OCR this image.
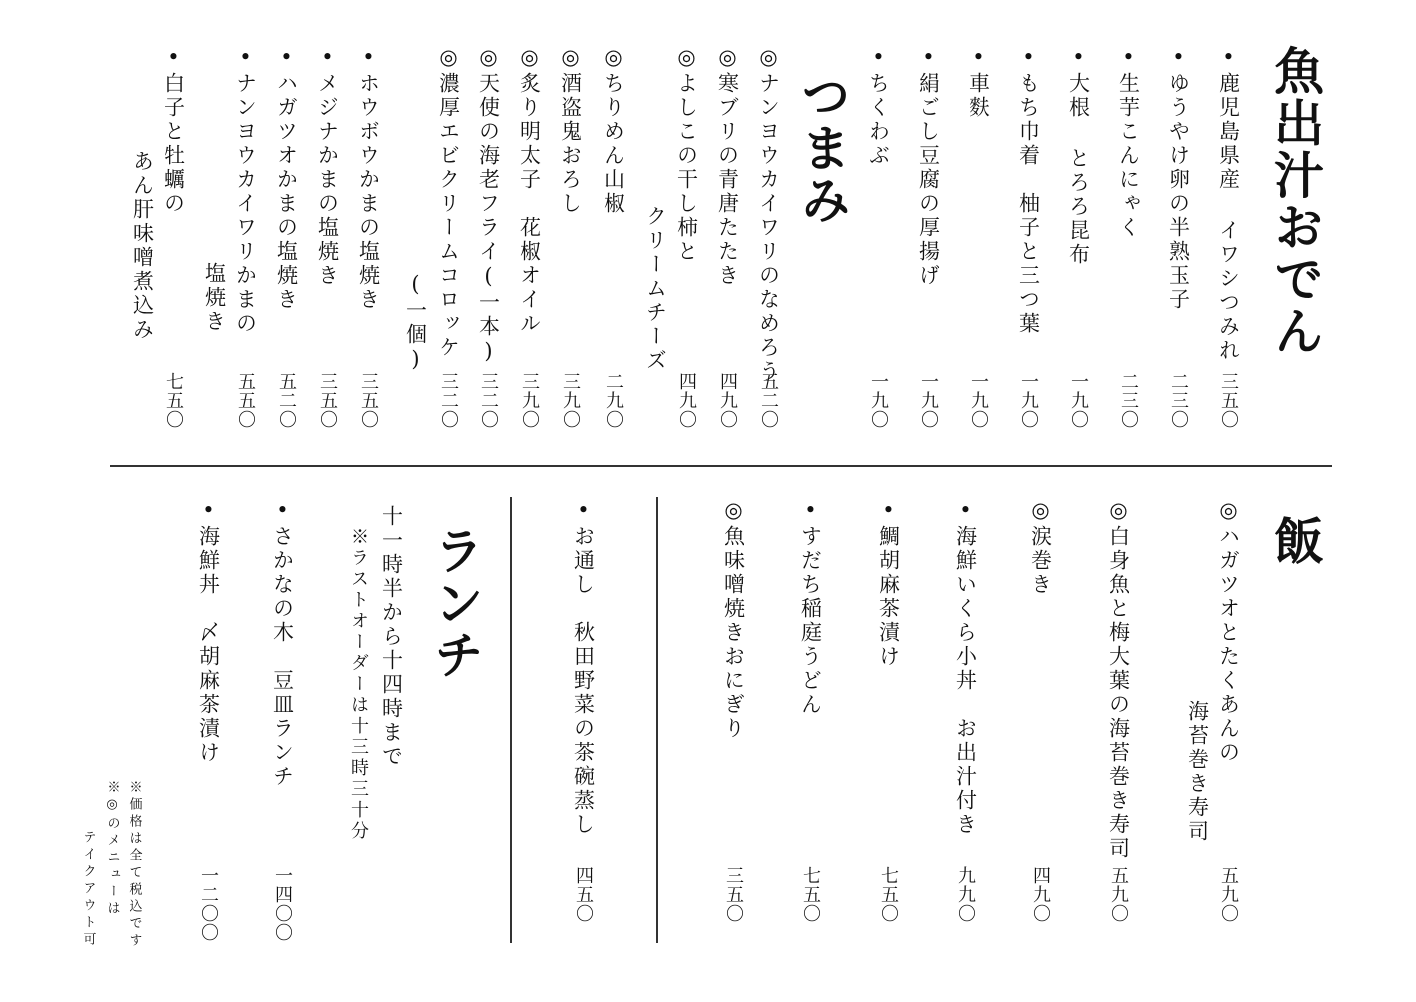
魚出汁おでん
•鹿児島県産 イワシつみれ
三五〇
•ゆうやけ卵の半熟玉子
二三〇
•生芋こんにゃく
二三〇
•大根 とろろ昆布
一九〇
•もち巾着　柚子と三つ葉
一九〇
•車麩
一九〇
•絹ごし豆腐の厚揚げ
一九〇
•ちくわぶ
一九〇
つまみ
◎ナンヨウカイワリのなめろう
五二〇
◎寒ブリの青唐たたき
四九〇
◎よしこの干し柿と
クリームチーズ
四九〇
◎ちりめん山椒
二九〇
◎酒盗鬼おろし
三九〇
◎炙り明太子　花椒オイル
三九〇
◎天使の海老フライ(一本)
三二〇
◎濃厚エビクリームコロッケ
(一個)
三二〇
•ホウボウかまの塩焼き
三五〇
•メジナかまの塩焼き
三五〇
•ハガツオかまの塩焼き
五二〇
•ナンヨウカイワリかまの
塩焼き
五五〇
•白子と牡蠣の
あん肝味噌煮込み
七五〇
飯
◎ハガツオとたくあんの
海苔巻き寿司
五九〇
◎白身魚と梅大葉の海苔巻き寿司
五九〇
◎涙巻き
四九〇
•海鮮いくら小丼　お出汁付き
九九〇
•鯛胡麻茶漬け
七五〇
•すだち稲庭うどん
七五〇
◎魚味噌焼きおにぎり
三五〇
•お通し　秋田野菜の茶碗蒸し
四五〇
ランチ
十一時半から十四時まで
※ラストオーダーは十三時三十分
•さかなの木　豆皿ランチ
一四〇〇
•海鮮丼　〆胡麻茶漬け
一二〇〇
※価格は全て税込です
※◎のメニューは
テイクアウト可
